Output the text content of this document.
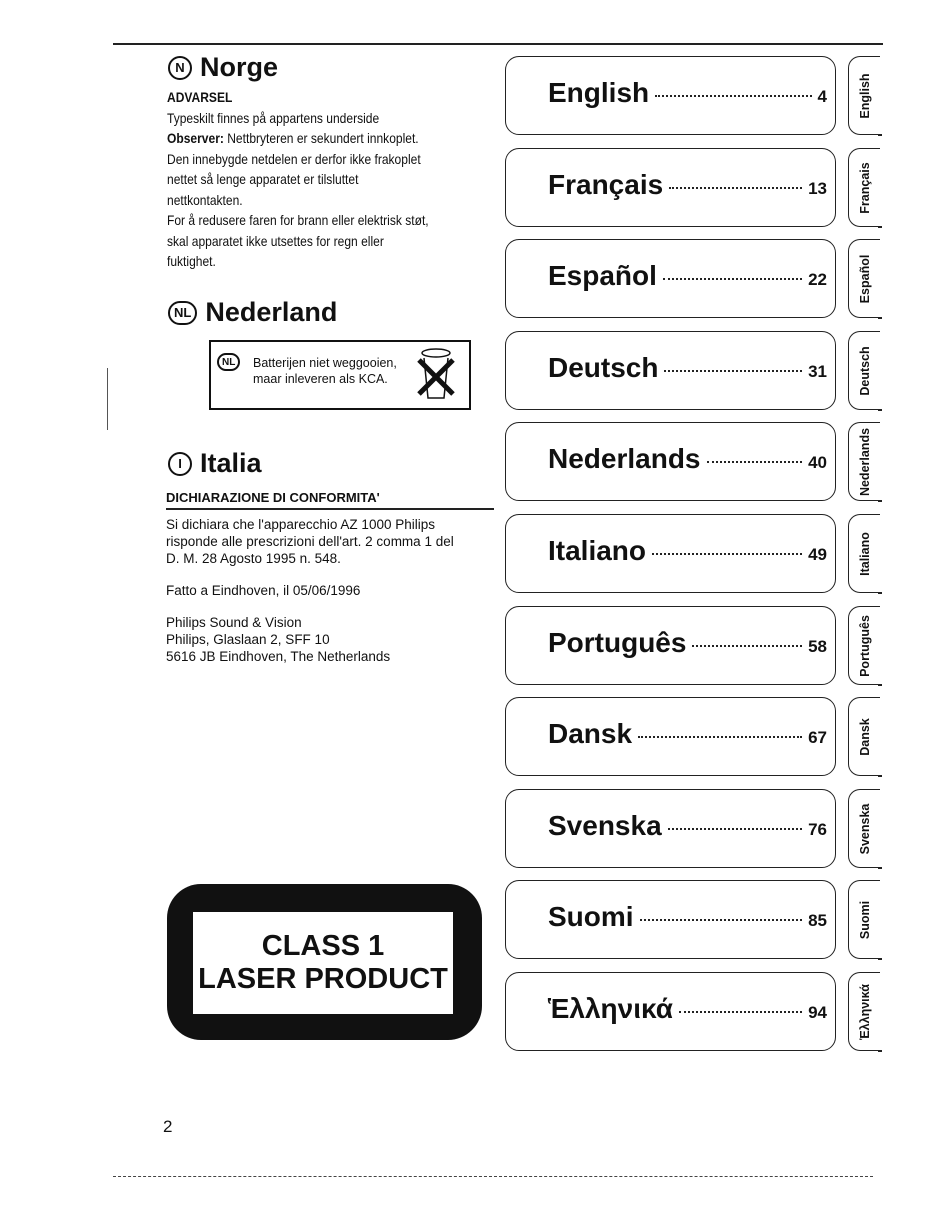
N Norge
ADVARSEL
Typeskilt finnes på appartens underside
Observer: Nettbryteren er sekundert innkoplet.
Den innebygde netdelen er derfor ikke frakoplet
nettet så lenge apparatet er tilsluttet
nettkontakten.
For å redusere faren for brann eller elektrisk støt,
skal apparatet ikke utsettes for regn eller
fuktighet.
NL Nederland
NL	Batterijen niet weggooien,
maar inleveren als KCA.
I Italia
DICHIARAZIONE DI CONFORMITA'
Si dichiara che l'apparecchio AZ 1000 Philips
risponde alle prescrizioni dell'art. 2 comma 1 del
D. M. 28 Agosto 1995 n. 548.
Fatto a Eindhoven, il 05/06/1996
Philips Sound & Vision
Philips, Glaslaan 2, SFF 10
5616 JB Eindhoven, The Netherlands
CLASS 1
LASER PRODUCT
English	4 English
Français	13 Français
Español	22 Español
Deutsch	31 Deutsch
Nederlands	40 Nederlands
Italiano	49 Italiano
Português	58 Português
Dansk	67 Dansk
Svenska	76 Svenska
Suomi	85 Suomi
Ἑλληνικά	94 Ἑλληνικά
2
